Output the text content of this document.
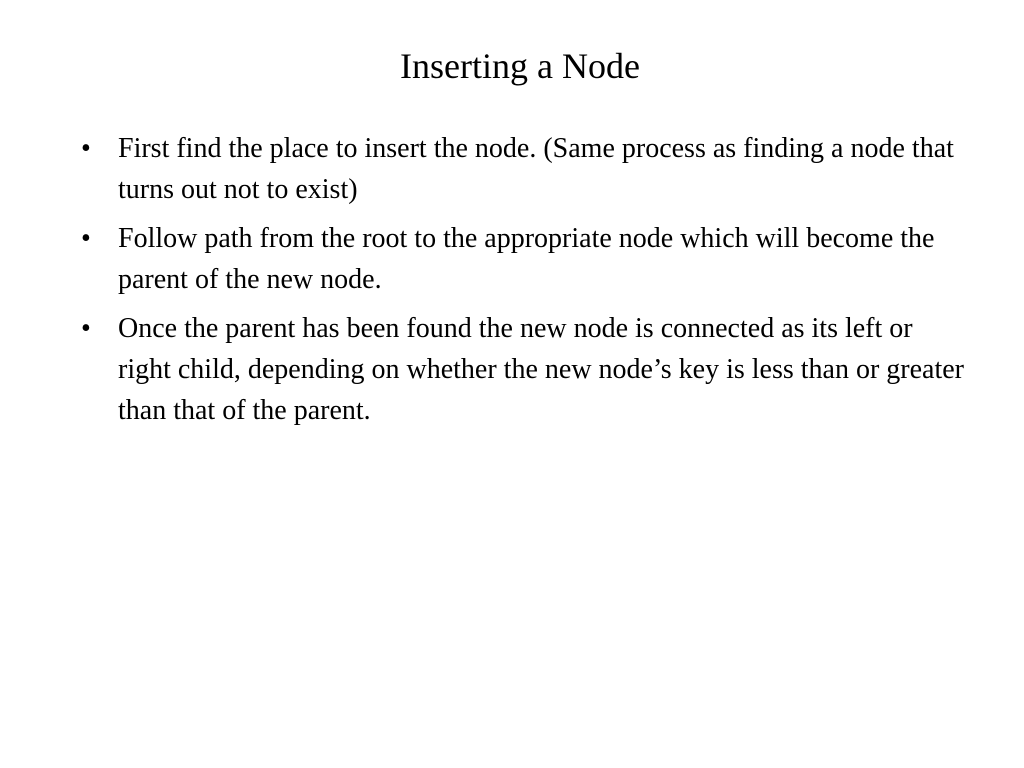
Inserting a Node
• First find the place to insert the node. (Same process as finding a node that turns out not to exist)
• Follow path from the root to the appropriate node which will become the parent of the new node.
• Once the parent has been found the new node is connected as its left or right child, depending on whether the new node’s key is less than or greater than that of the parent.
